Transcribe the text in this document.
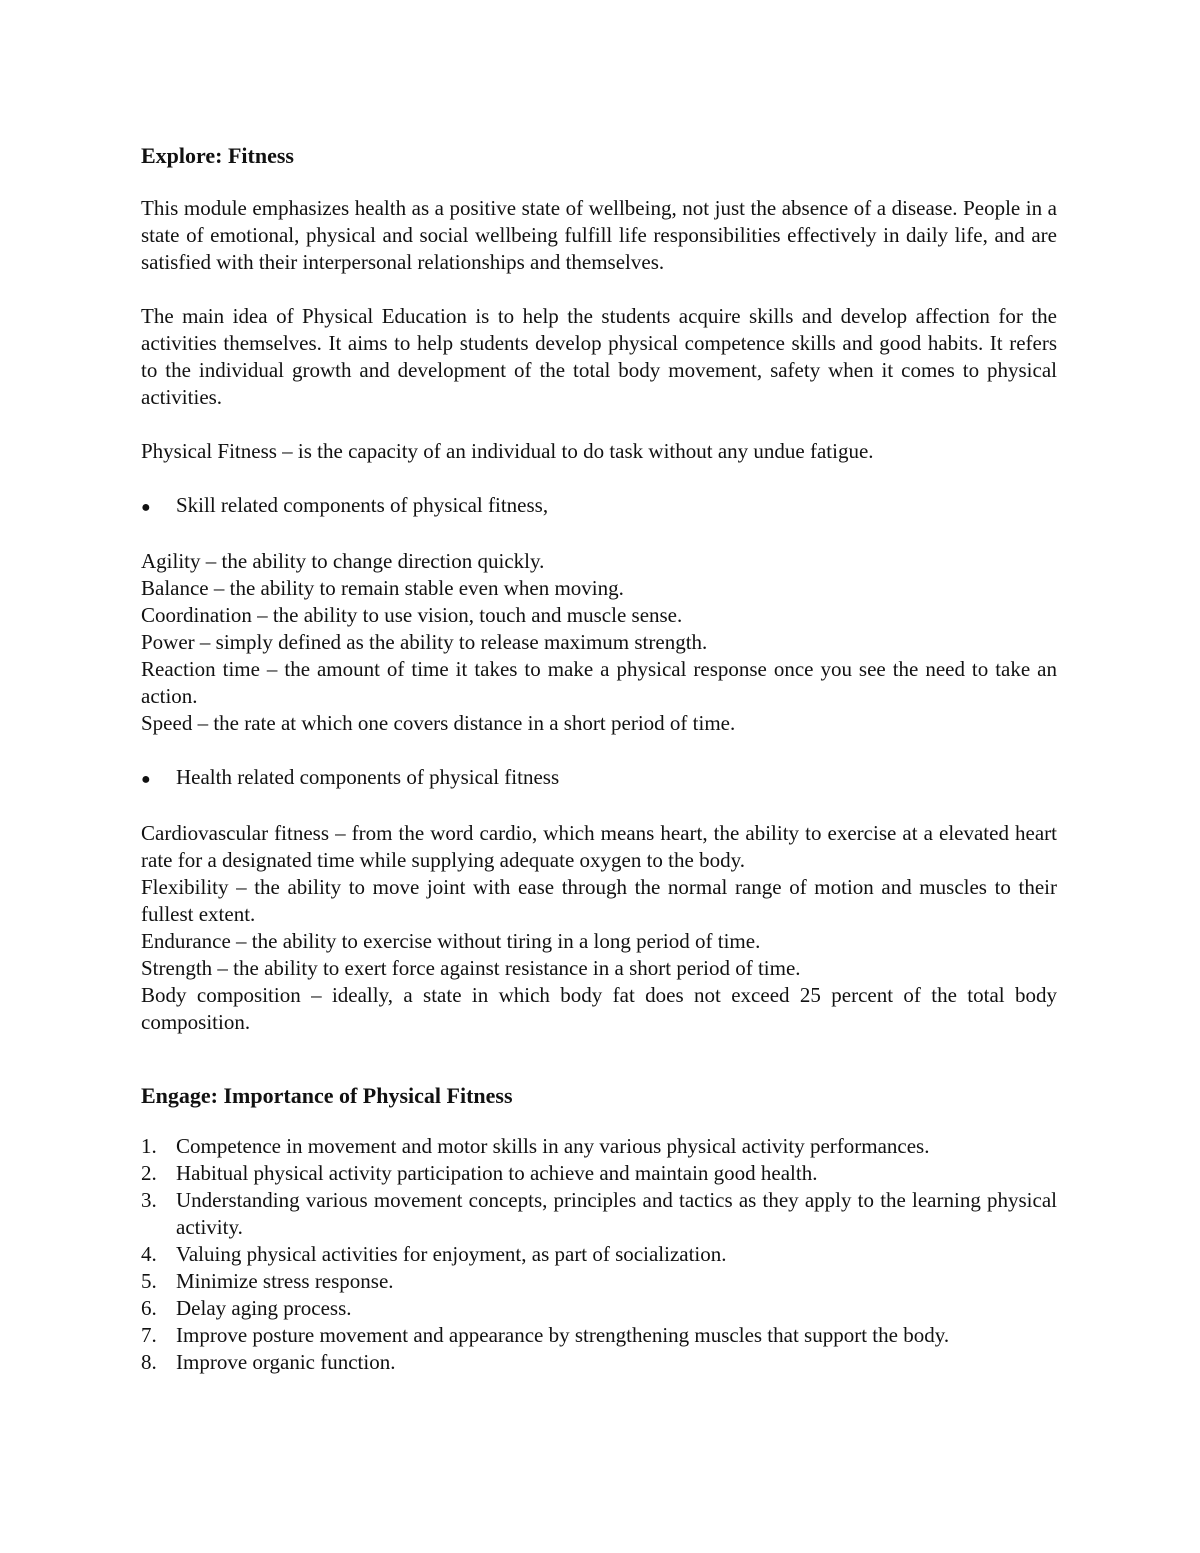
Explore: Fitness

This module emphasizes health as a positive state of wellbeing, not just the absence of a disease. People in a state of emotional, physical and social wellbeing fulfill life responsibilities effectively in daily life, and are satisfied with their interpersonal relationships and themselves.

The main idea of Physical Education is to help the students acquire skills and develop affection for the activities themselves. It aims to help students develop physical competence skills and good habits. It refers to the individual growth and development of the total body movement, safety when it comes to physical activities.

Physical Fitness – is the capacity of an individual to do task without any undue fatigue.

●	Skill related components of physical fitness,

Agility – the ability to change direction quickly.

Balance – the ability to remain stable even when moving.

Coordination – the ability to use vision, touch and muscle sense.

Power – simply defined as the ability to release maximum strength.

Reaction time – the amount of time it takes to make a physical response once you see the need to take an action.

Speed – the rate at which one covers distance in a short period of time.

●	Health related components of physical fitness

Cardiovascular fitness – from the word cardio, which means heart, the ability to exercise at a elevated heart rate for a designated time while supplying adequate oxygen to the body.

Flexibility – the ability to move joint with ease through the normal range of motion and muscles to their fullest extent.

Endurance – the ability to exercise without tiring in a long period of time.

Strength – the ability to exert force against resistance in a short period of time.

Body composition – ideally, a state in which body fat does not exceed 25 percent of the total body composition.

Engage: Importance of Physical Fitness
1. Competence in movement and motor skills in any various physical activity performances.
2. Habitual physical activity participation to achieve and maintain good health.
3. Understanding various movement concepts, principles and tactics as they apply to the learning physical activity.
4. Valuing physical activities for enjoyment, as part of socialization.
5. Minimize stress response.
6. Delay aging process.
7. Improve posture movement and appearance by strengthening muscles that support the body.
8. Improve organic function.
